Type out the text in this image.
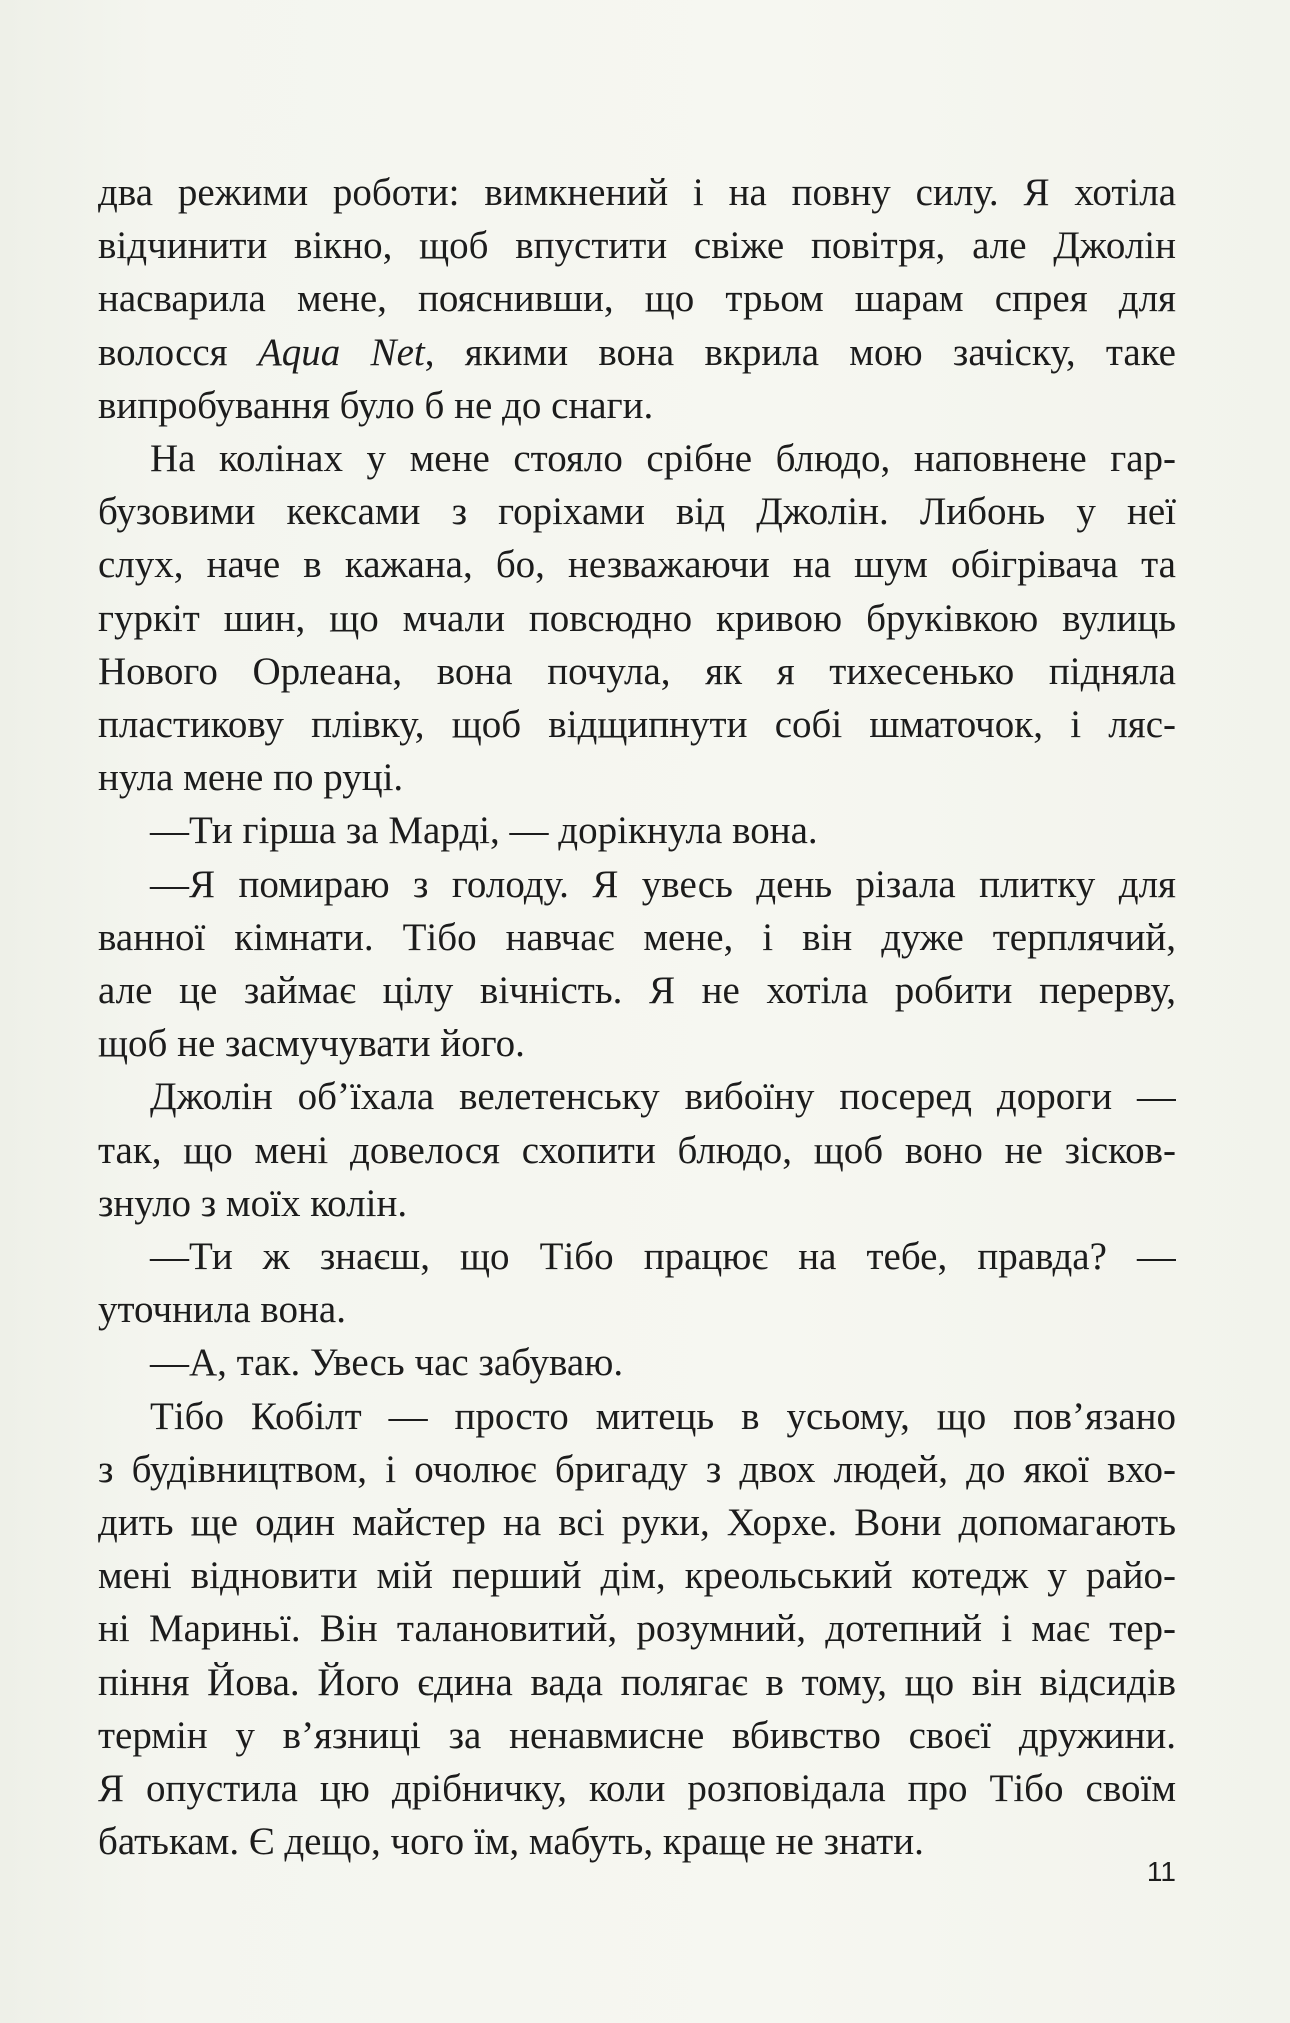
два режими роботи: вимкнений і на повну силу. Я хотіла

відчинити вікно, щоб впустити свіже повітря, але Джолін

насварила мене, пояснивши, що трьом шарам спрея для

волосся Aqua Net, якими вона вкрила мою зачіску, таке

випробування було б не до снаги.

На колінах у мене стояло срібне блюдо, наповнене гар-

бузовими кексами з горіхами від Джолін. Либонь у неї

слух, наче в кажана, бо, незважаючи на шум обігрівача та

гуркіт шин, що мчали повсюдно кривою бруківкою вулиць

Нового Орлеана, вона почула, як я тихесенько підняла

пластикову плівку, щоб відщипнути собі шматочок, і ляс-

нула мене по руці.

—Ти гірша за Марді, — дорікнула вона.

—Я помираю з голоду. Я увесь день різала плитку для

ванної кімнати. Тібо навчає мене, і він дуже терплячий,

але це займає цілу вічність. Я не хотіла робити перерву,

щоб не засмучувати його.

Джолін об’їхала велетенську вибоїну посеред дороги —

так, що мені довелося схопити блюдо, щоб воно не зісков-

знуло з моїх колін.

—Ти ж знаєш, що Тібо працює на тебе, правда? —

уточнила вона.

—А, так. Увесь час забуваю.

Тібо Кобілт — просто митець в усьому, що пов’язано

з будівництвом, і очолює бригаду з двох людей, до якої вхо-

дить ще один майстер на всі руки, Хорхе. Вони допомагають

мені відновити мій перший дім, креольський котедж у райо-

ні Мариньї. Він талановитий, розумний, дотепний і має тер-

піння Йова. Його єдина вада полягає в тому, що він відсидів

термін у в’язниці за ненавмисне вбивство своєї дружини.

Я опустила цю дрібничку, коли розповідала про Тібо своїм

батькам. Є дещо, чого їм, мабуть, краще не знати.

11
